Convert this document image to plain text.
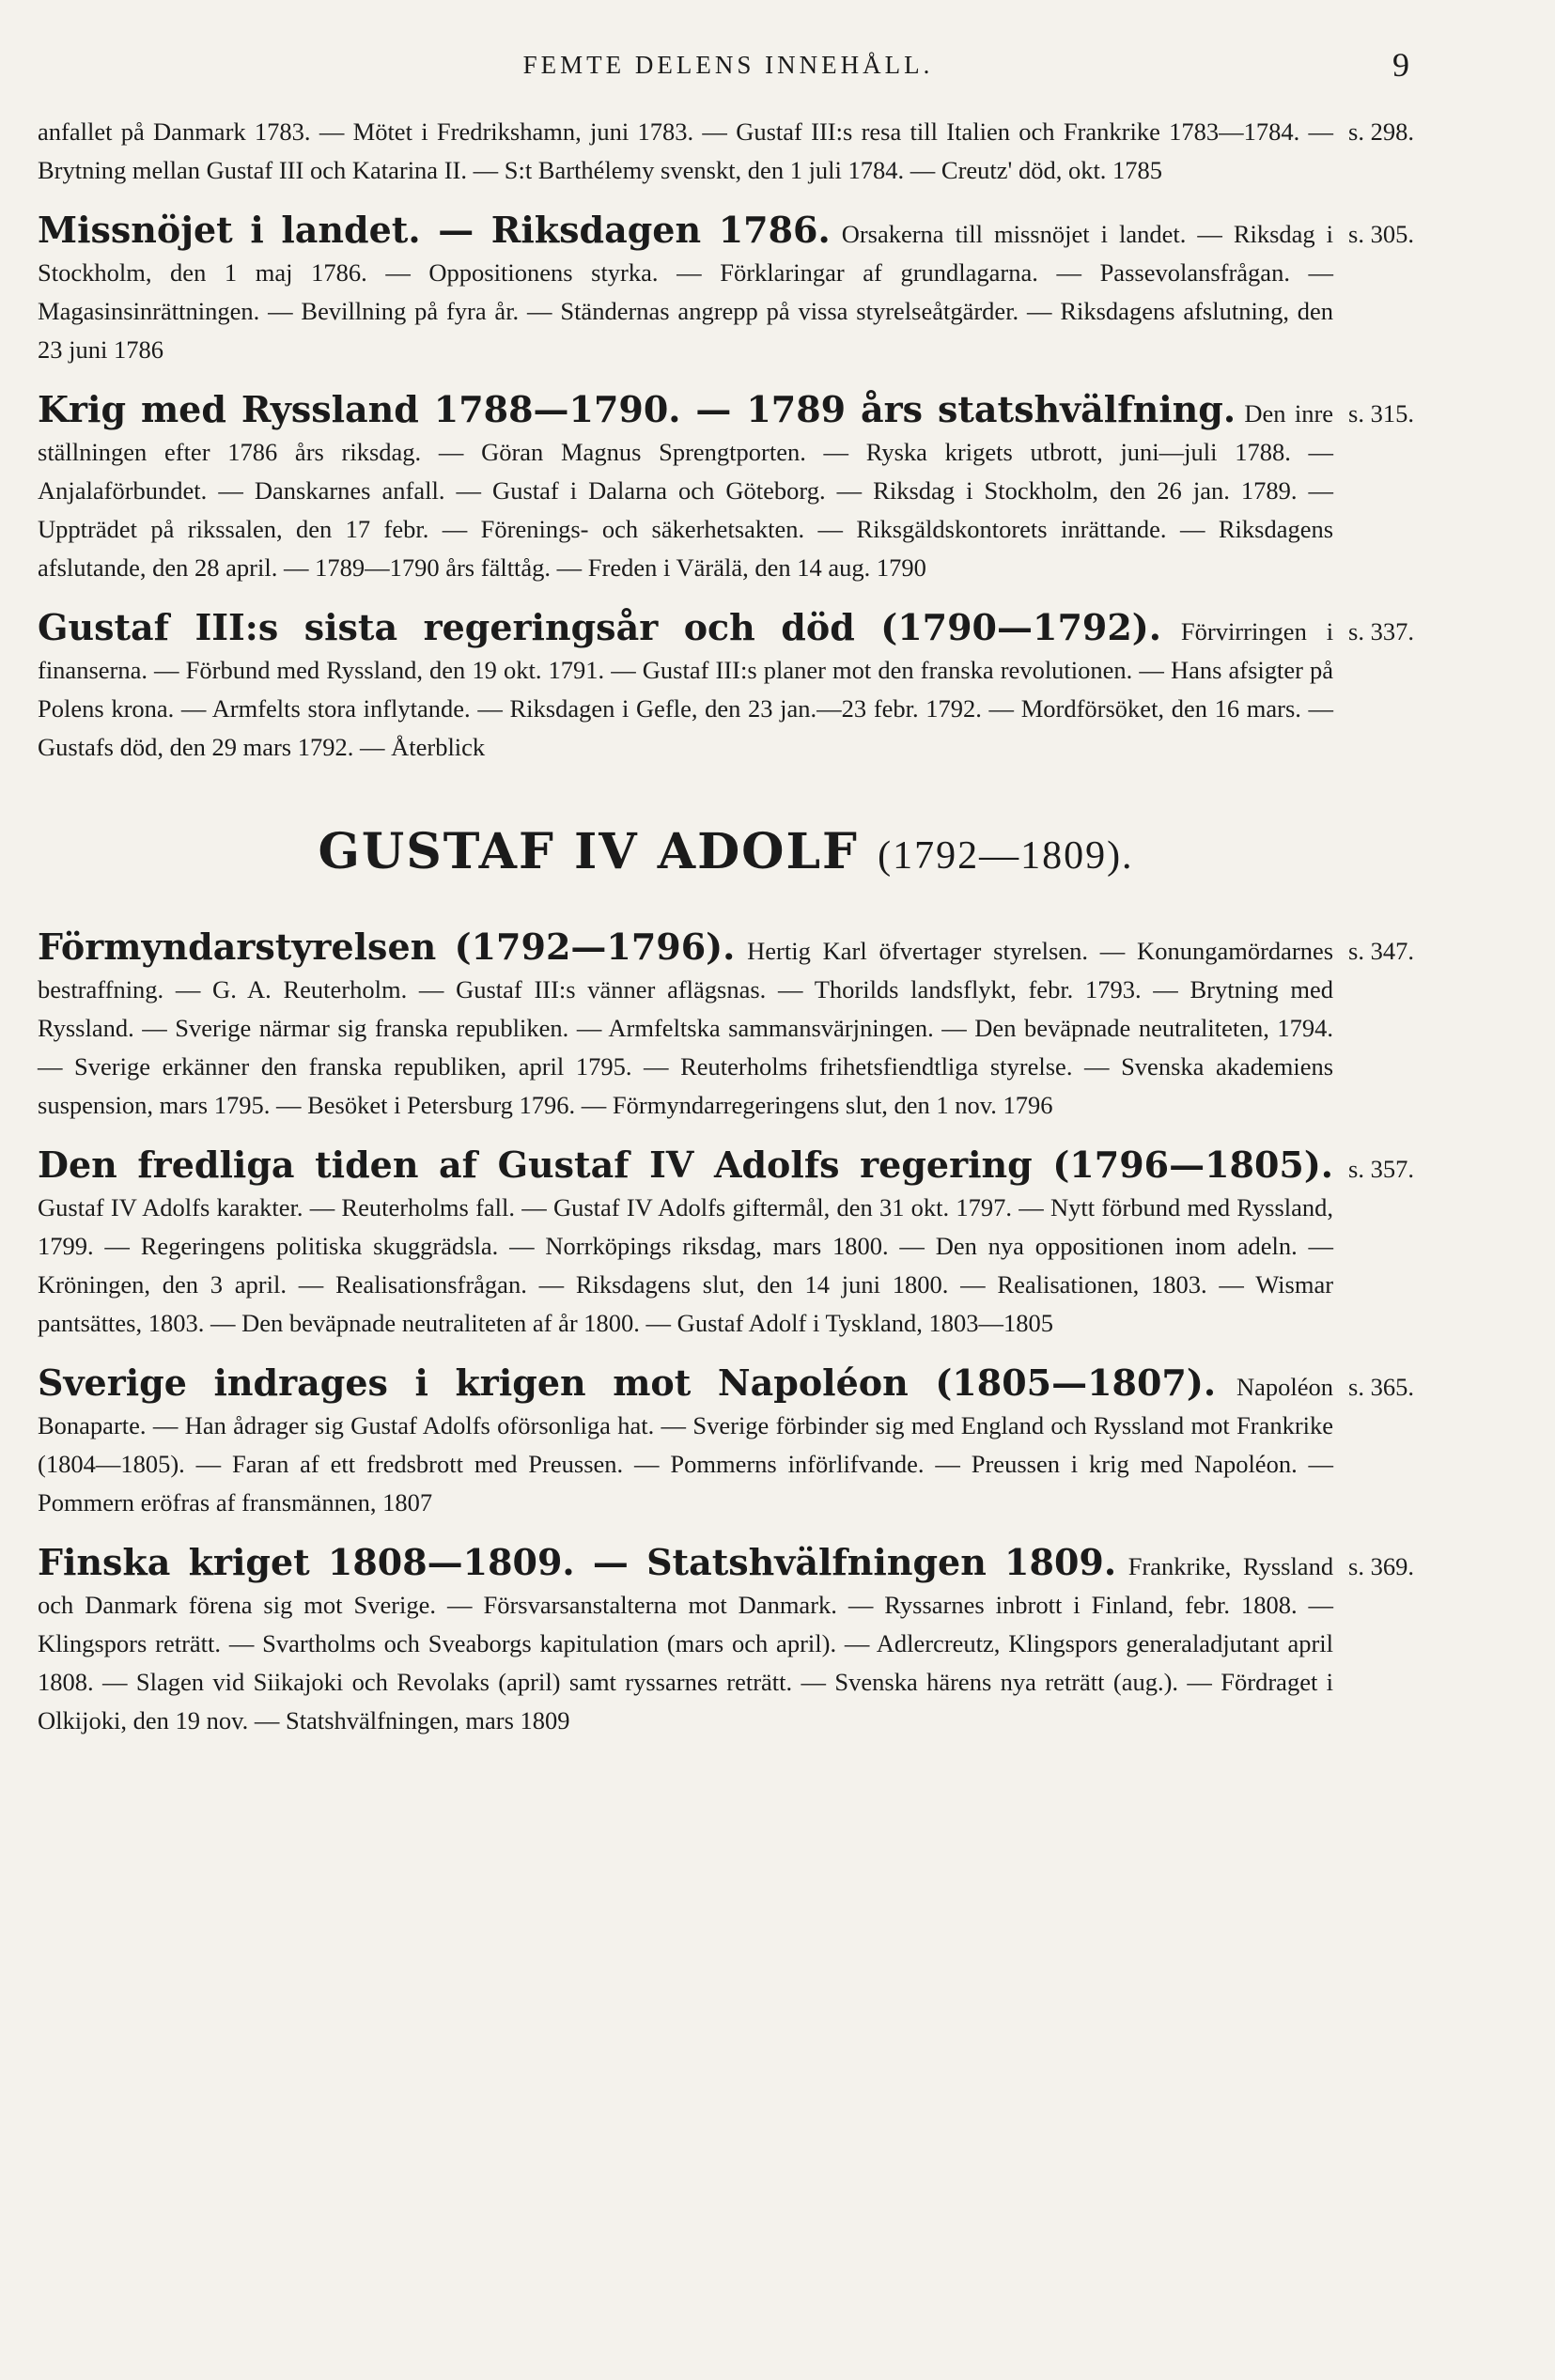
FEMTE DELENS INNEHÅLL.	9
anfallet på Danmark 1783. — Mötet i Fredrikshamn, juni 1783. — Gustaf III:s resa till Italien och Frankrike 1783—1784. — Brytning mellan Gustaf III och Katarina II. — S:t Barthélemy svenskt, den 1 juli 1784. — Creutz' död, okt. 1785
s. 298.
Missnöjet i landet. — Riksdagen 1786. Orsakerna till missnöjet i landet. — Riksdag i Stockholm, den 1 maj 1786. — Oppositionens styrka. — Förklaringar af grundlagarna. — Passevolansfrågan. — Magasinsinrättningen. — Bevillning på fyra år. — Ständernas angrepp på vissa styrelseåtgärder. — Riksdagens afslutning, den 23 juni 1786
s. 305.
Krig med Ryssland 1788—1790. — 1789 års statshvälfning. Den inre ställningen efter 1786 års riksdag. — Göran Magnus Sprengtporten. — Ryska krigets utbrott, juni—juli 1788. — Anjalaförbundet. — Danskarnes anfall. — Gustaf i Dalarna och Göteborg. — Riksdag i Stockholm, den 26 jan. 1789. — Uppträdet på rikssalen, den 17 febr. — Förenings- och säkerhetsakten. — Riksgäldskontorets inrättande. — Riksdagens afslutande, den 28 april. — 1789—1790 års fälttåg. — Freden i Värälä, den 14 aug. 1790
s. 315.
Gustaf III:s sista regeringsår och död (1790—1792). Förvirringen i finanserna. — Förbund med Ryssland, den 19 okt. 1791. — Gustaf III:s planer mot den franska revolutionen. — Hans afsigter på Polens krona. — Armfelts stora inflytande. — Riksdagen i Gefle, den 23 jan.—23 febr. 1792. — Mordförsöket, den 16 mars. — Gustafs död, den 29 mars 1792. — Återblick
s. 337.
GUSTAF IV ADOLF (1792—1809).
Förmyndarstyrelsen (1792—1796). Hertig Karl öfvertager styrelsen. — Konungamördarnes bestraffning. — G. A. Reuterholm. — Gustaf III:s vänner aflägsnas. — Thorilds landsflykt, febr. 1793. — Brytning med Ryssland. — Sverige närmar sig franska republiken. — Armfeltska sammansvärjningen. — Den beväpnade neutraliteten, 1794. — Sverige erkänner den franska republiken, april 1795. — Reuterholms frihetsfiendtliga styrelse. — Svenska akademiens suspension, mars 1795. — Besöket i Petersburg 1796. — Förmyndarregeringens slut, den 1 nov. 1796
s. 347.
Den fredliga tiden af Gustaf IV Adolfs regering (1796—1805). Gustaf IV Adolfs karakter. — Reuterholms fall. — Gustaf IV Adolfs giftermål, den 31 okt. 1797. — Nytt förbund med Ryssland, 1799. — Regeringens politiska skuggrädsla. — Norrköpings riksdag, mars 1800. — Den nya oppositionen inom adeln. — Kröningen, den 3 april. — Realisationsfrågan. — Riksdagens slut, den 14 juni 1800. — Realisationen, 1803. — Wismar pantsättes, 1803. — Den beväpnade neutraliteten af år 1800. — Gustaf Adolf i Tyskland, 1803—1805
s. 357.
Sverige indrages i krigen mot Napoléon (1805—1807). Napoléon Bonaparte. — Han ådrager sig Gustaf Adolfs oförsonliga hat. — Sverige förbinder sig med England och Ryssland mot Frankrike (1804—1805). — Faran af ett fredsbrott med Preussen. — Pommerns införlifvande. — Preussen i krig med Napoléon. — Pommern eröfras af fransmännen, 1807
s. 365.
Finska kriget 1808—1809. — Statshvälfningen 1809. Frankrike, Ryssland och Danmark förena sig mot Sverige. — Försvarsanstalterna mot Danmark. — Ryssarnes inbrott i Finland, febr. 1808. — Klingspors reträtt. — Svartholms och Sveaborgs kapitulation (mars och april). — Adlercreutz, Klingspors generaladjutant april 1808. — Slagen vid Siikajoki och Revolaks (april) samt ryssarnes reträtt. — Svenska härens nya reträtt (aug.). — Fördraget i Olkijoki, den 19 nov. — Statshvälfningen, mars 1809
s. 369.
